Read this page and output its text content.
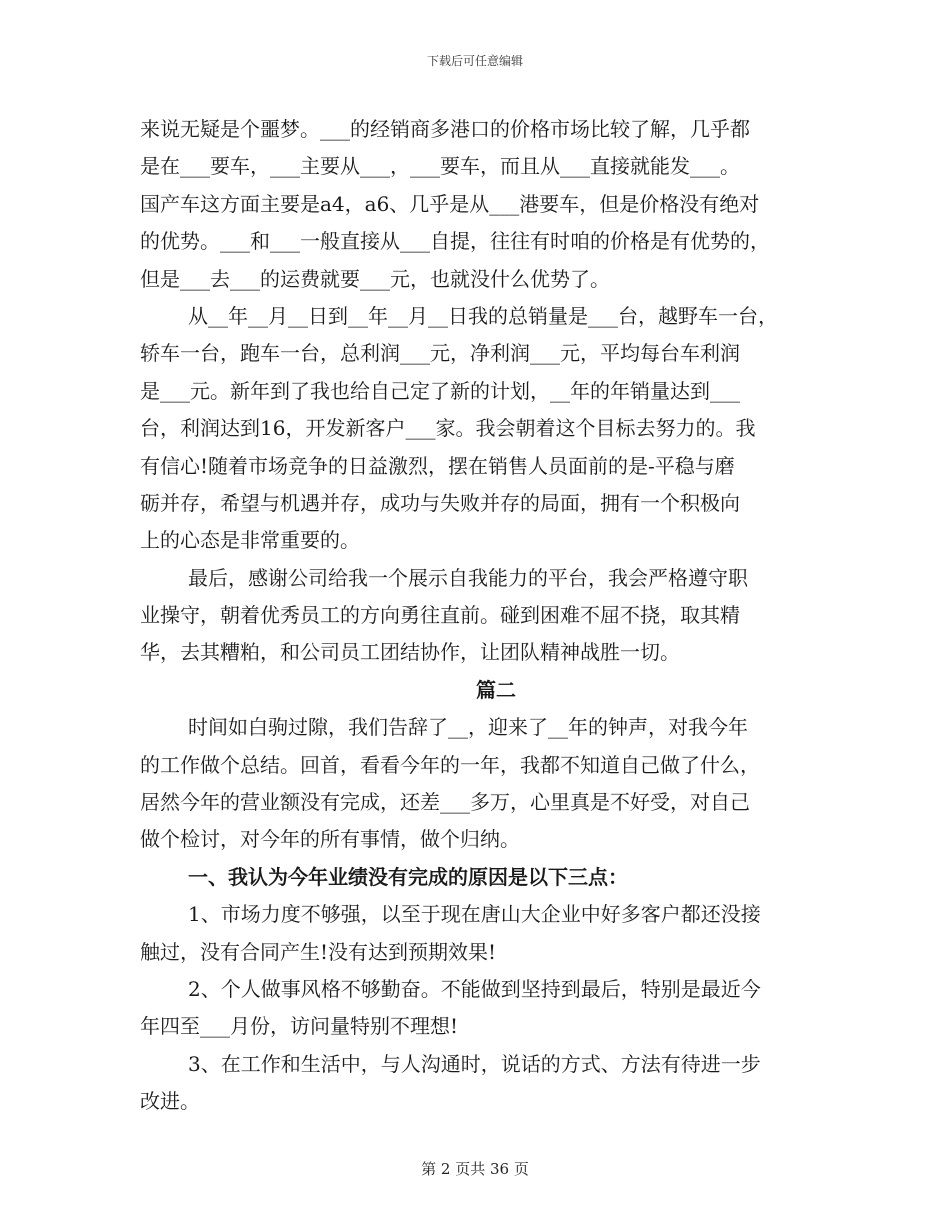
下载后可任意编辑
来说无疑是个噩梦。___的经销商多港口的价格市场比较了解，几乎都
是在___要车，___主要从___，___要车，而且从___直接就能发___。
国产车这方面主要是a4，a6、几乎是从___港要车，但是价格没有绝对
的优势。___和___一般直接从___自提，往往有时咱的价格是有优势的，
但是___去___的运费就要___元，也就没什么优势了。
从__年__月__日到__年__月__日我的总销量是___台，越野车一台，
轿车一台，跑车一台，总利润___元，净利润___元，平均每台车利润
是___元。新年到了我也给自己定了新的计划，__年的年销量达到___
台，利润达到16，开发新客户___家。我会朝着这个目标去努力的。我
有信心!随着市场竞争的日益激烈，摆在销售人员面前的是-平稳与磨
砺并存，希望与机遇并存，成功与失败并存的局面，拥有一个积极向
上的心态是非常重要的。
最后，感谢公司给我一个展示自我能力的平台，我会严格遵守职
业操守，朝着优秀员工的方向勇往直前。碰到困难不屈不挠，取其精
华，去其糟粕，和公司员工团结协作，让团队精神战胜一切。
篇二
时间如白驹过隙，我们告辞了__，迎来了__年的钟声，对我今年
的工作做个总结。回首，看看今年的一年，我都不知道自己做了什么，
居然今年的营业额没有完成，还差___多万，心里真是不好受，对自己
做个检讨，对今年的所有事情，做个归纳。
一、我认为今年业绩没有完成的原因是以下三点：
1、市场力度不够强，以至于现在唐山大企业中好多客户都还没接
触过，没有合同产生!没有达到预期效果!
2、个人做事风格不够勤奋。不能做到坚持到最后，特别是最近今
年四至___月份，访问量特别不理想!
3、在工作和生活中，与人沟通时，说话的方式、方法有待进一步
改进。
第 2 页共 36 页
